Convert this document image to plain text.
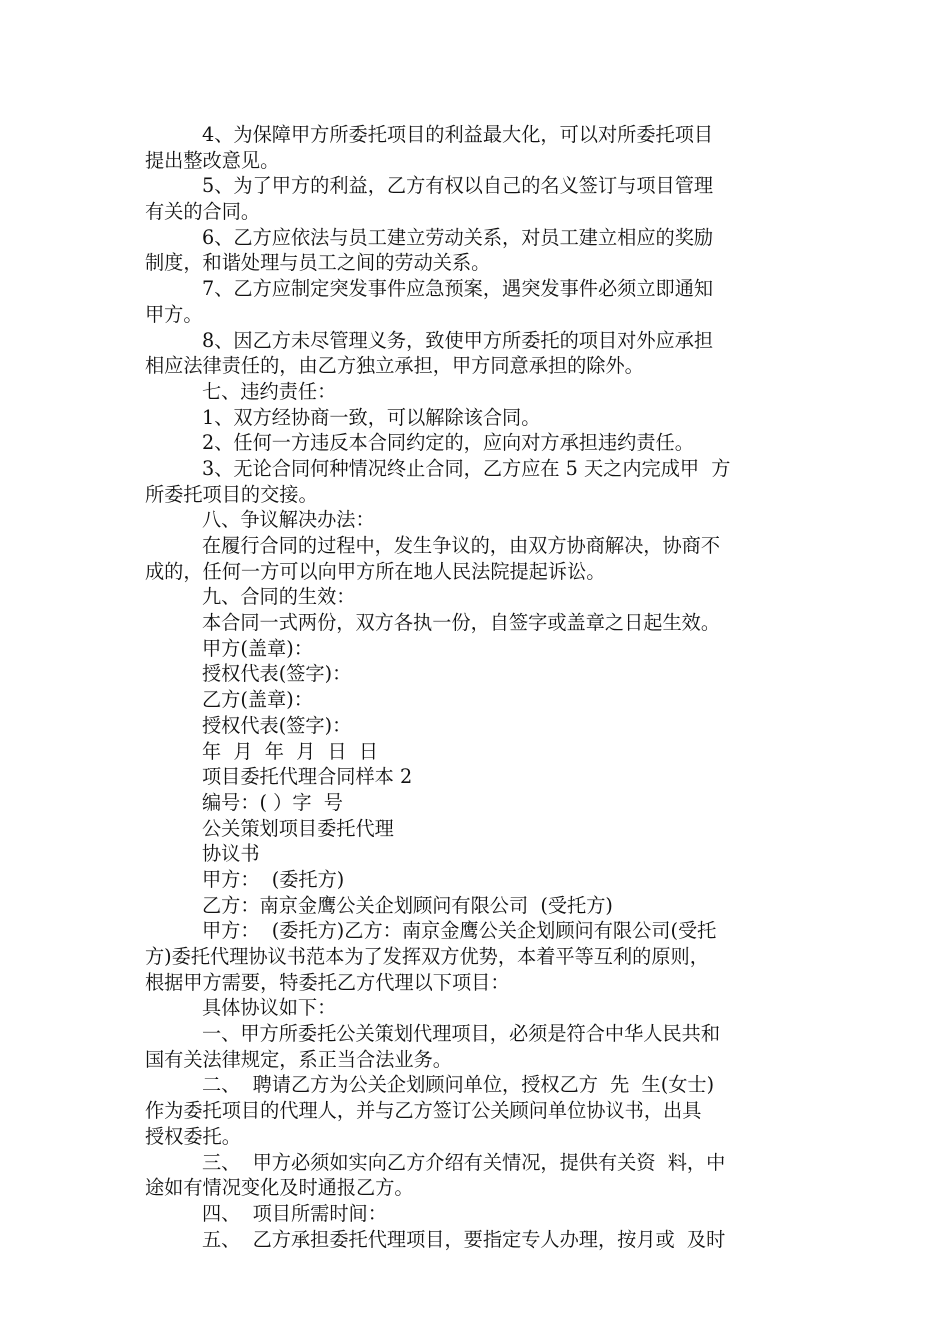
4、为保障甲方所委托项目的利益最大化，可以对所委托项目
提出整改意见。
5、为了甲方的利益，乙方有权以自己的名义签订与项目管理
有关的合同。
6、乙方应依法与员工建立劳动关系，对员工建立相应的奖励
制度，和谐处理与员工之间的劳动关系。
7、乙方应制定突发事件应急预案，遇突发事件必须立即通知
甲方。
8、因乙方未尽管理义务，致使甲方所委托的项目对外应承担
相应法律责任的，由乙方独立承担，甲方同意承担的除外。
七、违约责任：
1、双方经协商一致，可以解除该合同。
2、任何一方违反本合同约定的，应向对方承担违约责任。
3、无论合同何种情况终止合同，乙方应在 5 天之内完成甲  方
所委托项目的交接。
八、争议解决办法：
在履行合同的过程中，发生争议的，由双方协商解决，协商不
成的，任何一方可以向甲方所在地人民法院提起诉讼。
九、合同的生效：
本合同一式两份，双方各执一份，自签字或盖章之日起生效。
甲方(盖章)：
授权代表(签字)：
乙方(盖章)：
授权代表(签字)：
年  月  年  月  日  日
项目委托代理合同样本 2
编号：( ）字  号
公关策划项目委托代理
协议书
甲方：  (委托方)
乙方：南京金鹰公关企划顾问有限公司  (受托方)
甲方：  (委托方)乙方：南京金鹰公关企划顾问有限公司(受托
方)委托代理协议书范本为了发挥双方优势，本着平等互利的原则，
根据甲方需要，特委托乙方代理以下项目：
具体协议如下：
一、甲方所委托公关策划代理项目，必须是符合中华人民共和
国有关法律规定，系正当合法业务。
二、  聘请乙方为公关企划顾问单位，授权乙方  先  生(女士)
作为委托项目的代理人，并与乙方签订公关顾问单位协议书，出具
授权委托。
三、  甲方必须如实向乙方介绍有关情况，提供有关资  料，中
途如有情况变化及时通报乙方。
四、  项目所需时间：
五、  乙方承担委托代理项目，要指定专人办理，按月或  及时
